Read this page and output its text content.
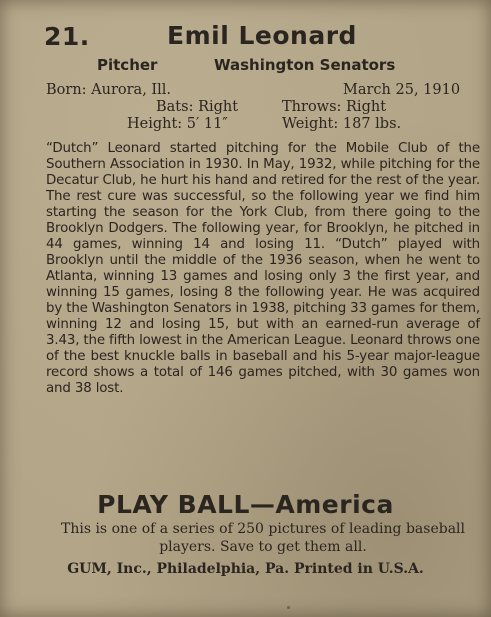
21.	Emil Leonard
Pitcher	Washington Senators
Born: Aurora, Ill.	March 25, 1910
Bats: Right	Throws: Right
Height: 5′ 11″	Weight: 187 lbs.

“Dutch” Leonard started pitching for the Mobile Club of the Southern Association in 1930. In May, 1932, while pitching for the Decatur Club, he hurt his hand and retired for the rest of the year. The rest cure was successful, so the following year we find him starting the season for the York Club, from there going to the Brooklyn Dodgers. The following year, for Brooklyn, he pitched in 44 games, winning 14 and losing 11. “Dutch” played with Brooklyn until the middle of the 1936 season, when he went to Atlanta, winning 13 games and losing only 3 the first year, and winning 15 games, losing 8 the following year. He was acquired by the Washington Senators in 1938, pitching 33 games for them, winning 12 and losing 15, but with an earned-run average of 3.43, the fifth lowest in the American League. Leonard throws one of the best knuckle balls in baseball and his 5-year major-league record shows a total of 146 games pitched, with 30 games won and 38 lost.

PLAY BALL—America
This is one of a series of 250 pictures of leading baseball players. Save to get them all.
GUM, Inc., Philadelphia, Pa. Printed in U.S.A.
